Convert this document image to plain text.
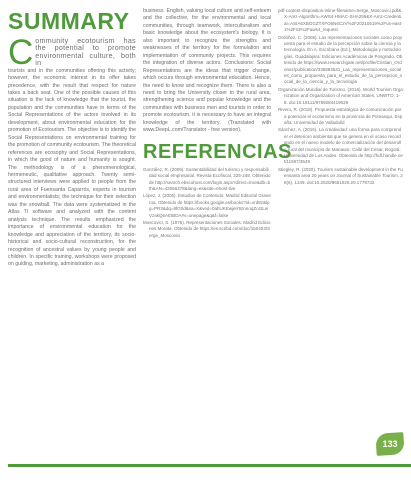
SUMMARY
C ommunity ecotourism has the potential to promote environmental culture, both in

tourists and in the communities offering this activity; however, the economic interest in its offer takes precedence, with the result that respect for nature takes a back seat. One of the possible causes of this situation is the lack of knowledge that the tourist, the population and the communities have in terms of the Social Representations of the actors involved in its development, about environmental education for the promotion of Ecotourism. The objective is to identify the Social Representations on environmental training for the promotion of community ecotourism. The theoretical references are ecosophy and Social Representations, in which the good of nature and humanity is sought. The methodology is of a phenomenological, hermeneutic, qualitative approach. Twenty semi-structured interviews were applied to people from the rural area of Fuensanta Caparrós, experts in tourism and environmentalists; the technique for their selection was the snowball. The data were systematized in the Atlas TI software and analyzed with the content analysis technique. The results emphasized the importance of environmental education for the knowledge and appreciation of the territory, its socio-historical and socio-cultural reconstruction, for the recognition of ancestral values by young people and children. In specific training, workshops were proposed on guiding, marketing, administration as a

business. English, valuing local culture and self-esteem and the collective, for the environmental and local communities, through teamwork, interculturalism and basic knowledge about the ecosystem's biology. It is also important to recognize the strengths and weaknesses of the territory for the formulation and implementation of community projects. This requires the integration of diverse actors. Conclusions: Social Representations are the ideas that trigger change, which occurs through environmental education. Hence, the need to know and recognize them. There is also a need to bring the University closer to the rural area, strengthening science and popular knowledge and the communities with business men and tourists in order to promote ecotourism, it is necessary to have an integral knowledge of the territory. (Translated with www.DeepL.com/Translator - free version).

REFERENCIAS

González, R. (2009). Sustentabilidad del turismo y responsabilidad social empresarial. Revista Ecofiscal, 225-248. Obtenido de http://search.ebscohost.com/login.aspx?direct=true&db=bth&AN=42556378&lang=es&site=ehost-live

López, J. (2005). Estudios de Contenido: Madrid Editorial Graneroa. Obtenido de https://books.google.es/books?id=xrd8z&lpg=PR3&dq=8fG0d&sa=X&ved=0ahUKEwjerr9znnoqZo1tLwVzakQ6AEIBDA#v=onepage&q&f=false

Moscovici, S. (1976). Representaciones Sociales. Madrid Ediciones Morata. Obtenido de https://es.scribd.com/doc/150403/Serge_Moscovici

pdf-content-disposition-inline-filename=Serge_Moscovici.pdf&X-Amz-Algorithm=AWS4-HMAC-SHA256&X-Amz-Credential=ASIA6XBGGZTXFO6N6C2V%2F20210519%2Fus-east-1%2Fs3%2Faws4_request

Ordóñez, C. (2005). Las representaciones sociales como propuesta para el estudio de la percepción sobre la ciencia y la tecnología. En A. Escribano (Ed.), Metodología y metodologías. Guadalajara: Ediciones Académicas de Posgrado. Obtenido de https://www.researchgate.net/profile/Cristian_Ordonez/publication/335883541_Las_representaciones_sociales_como_propuesta_para_el_estudio_de_la_percepcion_social_de_la_ciencia_y_la_tecnologia

Organización Mundial de Turismo. (2016). World Tourism Organization and Organization of American States, UNWTO, 1-8. doi:10.18111/9789284419029

Rivero, R. (2018). Propuesta estratégica de comunicación para potenciar el ecoturismo en la provincia de Pomasqui, España: Universidad de Valladolid

Sánchez, A. (2016). La creatividad: una forma para comprender el deterioro ambiental que se genera en el ocaso recordando en el nuevo modelo de comercialización del desarrollo rural del municipio de Manaure. Calle del Cesar. Bogotá: Universidad de Los Andes. Obtenido de http://hdl.handle.net/11597/3549

Stiegley, R. (2020). Tourism sustainable development in the Fuensanta area 20 years on Journal of Sustainable Tourism, 28(6), 1349. doi:10.2020/9651020.20.1779732

133
